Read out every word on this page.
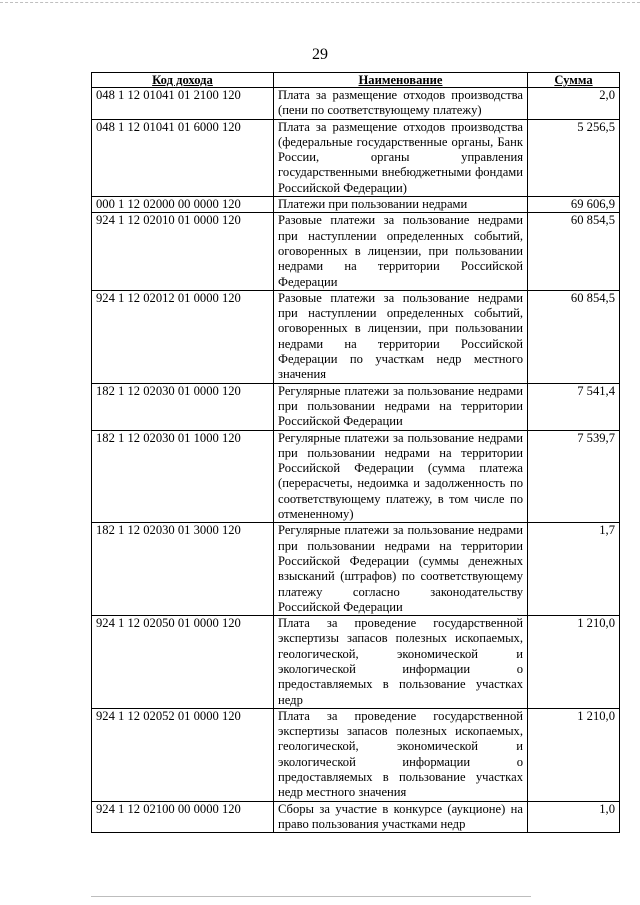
29
Код дохода	Наименование	Сумма
048 1 12 01041 01 2100 120	Плата за размещение отходов производства (пени по соответствующему платежу)	2,0
048 1 12 01041 01 6000 120	Плата за размещение отходов производства (федеральные государственные органы, Банк России, органы управления государственными внебюджетными фондами Российской Федерации)	5 256,5
000 1 12 02000 00 0000 120	Платежи при пользовании недрами	69 606,9
924 1 12 02010 01 0000 120	Разовые платежи за пользование недрами при наступлении определенных событий, оговоренных в лицензии, при пользовании недрами на территории Российской Федерации	60 854,5
924 1 12 02012 01 0000 120	Разовые платежи за пользование недрами при наступлении определенных событий, оговоренных в лицензии, при пользовании недрами на территории Российской Федерации по участкам недр местного значения	60 854,5
182 1 12 02030 01 0000 120	Регулярные платежи за пользование недрами при пользовании недрами на территории Российской Федерации	7 541,4
182 1 12 02030 01 1000 120	Регулярные платежи за пользование недрами при пользовании недрами на территории Российской Федерации (сумма платежа (перерасчеты, недоимка и задолженность по соответствующему платежу, в том числе по отмененному)	7 539,7
182 1 12 02030 01 3000 120	Регулярные платежи за пользование недрами при пользовании недрами на территории Российской Федерации (суммы денежных взысканий (штрафов) по соответствующему платежу согласно законодательству Российской Федерации	1,7
924 1 12 02050 01 0000 120	Плата за проведение государственной экспертизы запасов полезных ископаемых, геологической, экономической и экологической информации о предоставляемых в пользование участках недр	1 210,0
924 1 12 02052 01 0000 120	Плата за проведение государственной экспертизы запасов полезных ископаемых, геологической, экономической и экологической информации о предоставляемых в пользование участках недр местного значения	1 210,0
924 1 12 02100 00 0000 120	Сборы за участие в конкурсе (аукционе) на право пользования участками недр	1,0
